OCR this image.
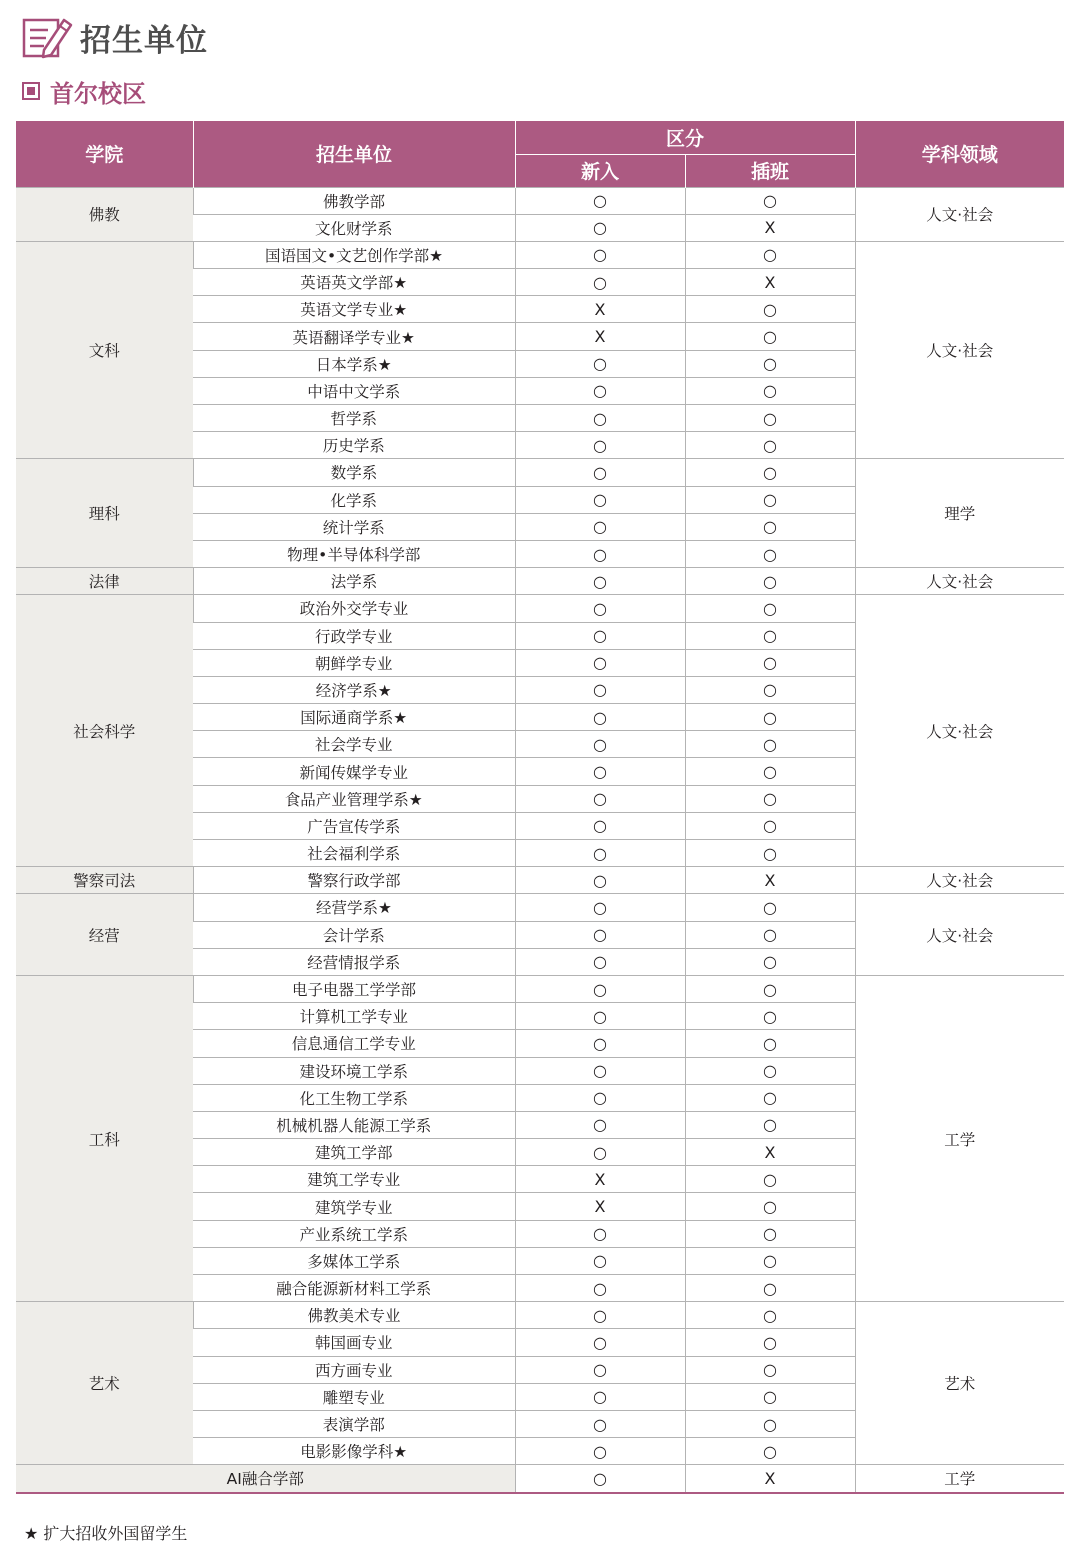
招生单位
首尔校区
学院	招生单位	区分		学科领域
		新入	插班	
佛教	佛教学部	○	○	人文·社会
	文化财学系	○	X	
文科	国语国文•文艺创作学部★	○	○	人文·社会
	英语英文学部★	○	X	
	英语文学专业★	X	○	
	英语翻译学专业★	X	○	
	日本学系★	○	○	
	中语中文学系	○	○	
	哲学系	○	○	
	历史学系	○	○	
理科	数学系	○	○	理学
	化学系	○	○	
	统计学系	○	○	
	物理•半导体科学部	○	○	
法律	法学系	○	○	人文·社会
社会科学	政治外交学专业	○	○	人文·社会
	行政学专业	○	○	
	朝鲜学专业	○	○	
	经济学系★	○	○	
	国际通商学系★	○	○	
	社会学专业	○	○	
	新闻传媒学专业	○	○	
	食品产业管理学系★	○	○	
	广告宣传学系	○	○	
	社会福利学系	○	○	
警察司法	警察行政学部	○	X	人文·社会
经营	经营学系★	○	○	人文·社会
	会计学系	○	○	
	经营情报学系	○	○	
工科	电子电器工学学部	○	○	工学
	计算机工学专业	○	○	
	信息通信工学专业	○	○	
	建设环境工学系	○	○	
	化工生物工学系	○	○	
	机械机器人能源工学系	○	○	
	建筑工学部	○	X	
	建筑工学专业	X	○	
	建筑学专业	X	○	
	产业系统工学系	○	○	
	多媒体工学系	○	○	
	融合能源新材料工学系	○	○	
艺术	佛教美术专业	○	○	艺术
	韩国画专业	○	○	
	西方画专业	○	○	
	雕塑专业	○	○	
	表演学部	○	○	
	电影影像学科★	○	○	
AI融合学部		○	X	工学
★ 扩大招收外国留学生
